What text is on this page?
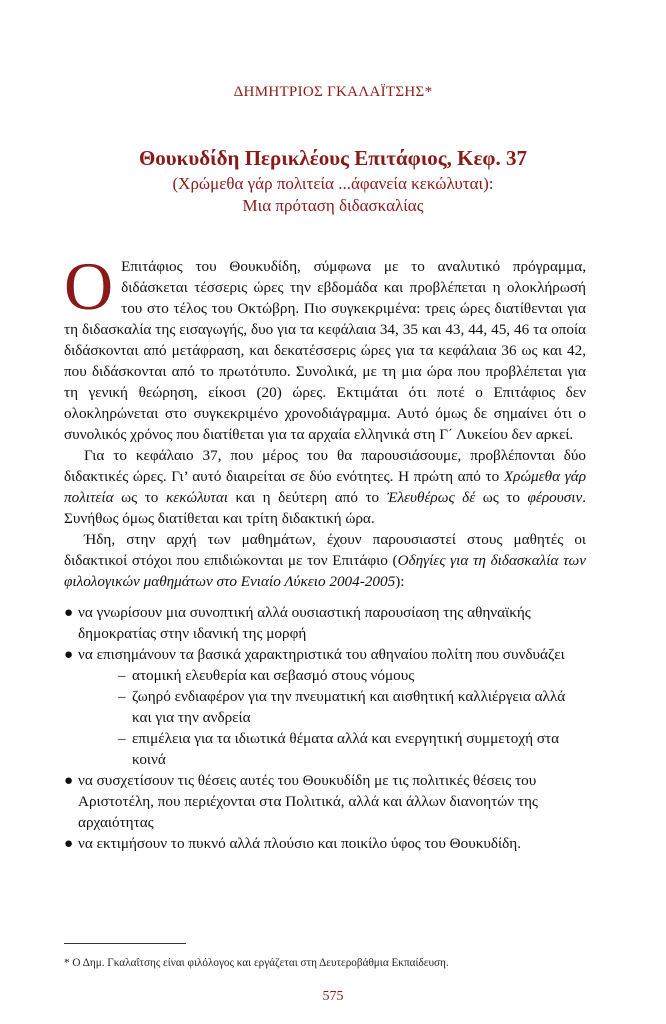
ΔΗΜΗΤΡΙΟΣ ΓΚΑΛΑΪΤΣΗΣ*
Θουκυδίδη Περικλέους Επιτάφιος, Κεφ. 37
(Χρώμεθα γάρ πολιτεία ...άφανεία κεκώλυται):
Μια πρόταση διδασκαλίας
Ο Επιτάφιος του Θουκυδίδη, σύμφωνα με το αναλυτικό πρόγραμμα, διδάσκεται τέσσερις ώρες την εβδομάδα και προβλέπεται η ολοκλήρωσή του στο τέλος του Οκτώβρη. Πιο συγκεκριμένα: τρεις ώρες διατίθενται για τη διδασκαλία της εισαγωγής, δυο για τα κεφάλαια 34, 35 και 43, 44, 45, 46 τα οποία διδάσκονται από μετάφραση, και δεκατέσσερις ώρες για τα κεφάλαια 36 ως και 42, που διδάσκονται από το πρωτότυπο. Συνολικά, με τη μια ώρα που προβλέπεται για τη γενική θεώρηση, είκοσι (20) ώρες. Εκτιμάται ότι ποτέ ο Επιτάφιος δεν ολοκληρώνεται στο συγκεκριμένο χρονοδιάγραμμα. Αυτό όμως δε σημαίνει ότι ο συνολικός χρόνος που διατίθεται για τα αρχαία ελληνικά στη Γ΄ Λυκείου δεν αρκεί.

Για το κεφάλαιο 37, που μέρος του θα παρουσιάσουμε, προβλέπονται δύο διδακτικές ώρες. Γι’ αυτό διαιρείται σε δύο ενότητες. Η πρώτη από το Χρώμεθα γάρ πολιτεία ως το κεκώλυται και η δεύτερη από το Ἐλευθέρως δέ ως το φέρουσιν. Συνήθως όμως διατίθεται και τρίτη διδακτική ώρα.

Ήδη, στην αρχή των μαθημάτων, έχουν παρουσιαστεί στους μαθητές οι διδακτικοί στόχοι που επιδιώκονται με τον Επιτάφιο (Οδηγίες για τη διδασκαλία των φιλολογικών μαθημάτων στο Ενιαίο Λύκειο 2004-2005):

● να γνωρίσουν μια συνοπτική αλλά ουσιαστική παρουσίαση της αθηναϊκής δημοκρατίας στην ιδανική της μορφή
● να επισημάνουν τα βασικά χαρακτηριστικά του αθηναίου πολίτη που συνδυάζει
– ατομική ελευθερία και σεβασμό στους νόμους
– ζωηρό ενδιαφέρον για την πνευματική και αισθητική καλλιέργεια αλλά και για την ανδρεία
– επιμέλεια για τα ιδιωτικά θέματα αλλά και ενεργητική συμμετοχή στα κοινά
● να συσχετίσουν τις θέσεις αυτές του Θουκυδίδη με τις πολιτικές θέσεις του Αριστοτέλη, που περιέχονται στα Πολιτικά, αλλά και άλλων διανοητών της αρχαιότητας
● να εκτιμήσουν το πυκνό αλλά πλούσιο και ποικίλο ύφος του Θουκυδίδη.
* Ο Δημ. Γκαλαΐτσης είναι φιλόλογος και εργάζεται στη Δευτεροβάθμια Εκπαίδευση.
575
